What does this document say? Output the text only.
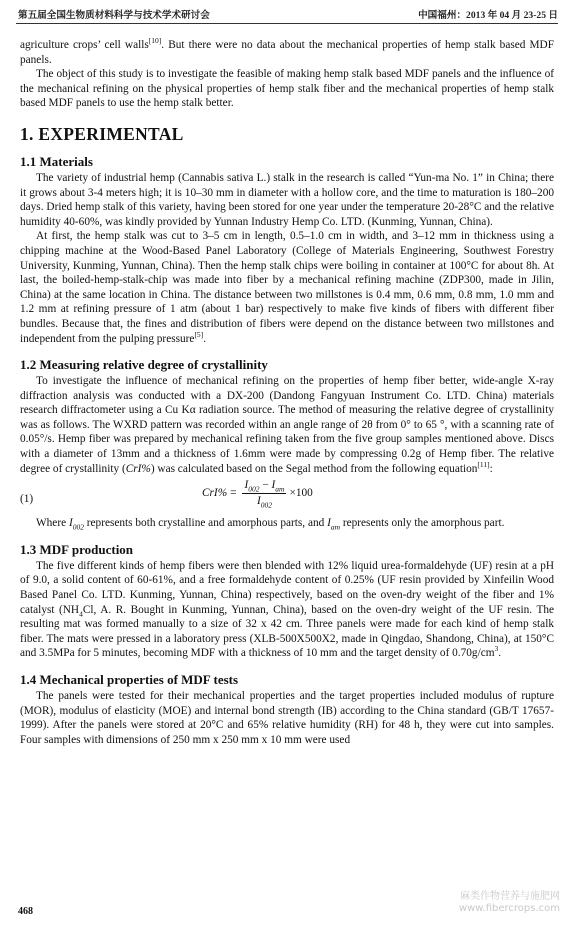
第五届全国生物质材料科学与技术学术研讨会	中国福州：2013 年 04 月 23-25 日

agriculture crops’ cell walls[10]. But there were no data about the mechanical properties of hemp stalk based MDF panels.

The object of this study is to investigate the feasible of making hemp stalk based MDF panels and the influence of the mechanical refining on the physical properties of hemp stalk fiber and the mechanical properties of hemp stalk based MDF panels to use the hemp stalk better.

1. EXPERIMENTAL
1.1 Materials

The variety of industrial hemp (Cannabis sativa L.) stalk in the research is called “Yun-ma No. 1” in China; there it grows about 3-4 meters high; it is 10–30 mm in diameter with a hollow core, and the time to maturation is 180–200 days. Dried hemp stalk of this variety, having been stored for one year under the temperature 20-28°C and the relative humidity 40-60%, was kindly provided by Yunnan Industry Hemp Co. LTD. (Kunming, Yunnan, China).

At first, the hemp stalk was cut to 3–5 cm in length, 0.5–1.0 cm in width, and 3–12 mm in thickness using a chipping machine at the Wood-Based Panel Laboratory (College of Materials Engineering, Southwest Forestry University, Kunming, Yunnan, China). Then the hemp stalk chips were boiling in container at 100°C for about 8h. At last, the boiled-hemp-stalk-chip was made into fiber by a mechanical refining machine (ZDP300, made in Jilin, China) at the same location in China. The distance between two millstones is 0.4 mm, 0.6 mm, 0.8 mm, 1.0 mm and 1.2 mm at refining pressure of 1 atm (about 1 bar) respectively to make five kinds of fibers with different fiber bundles. Because that, the fines and distribution of fibers were depend on the distance between two millstones and independent from the pulping pressure[5].

1.2 Measuring relative degree of crystallinity

To investigate the influence of mechanical refining on the properties of hemp fiber better, wide-angle X-ray diffraction analysis was conducted with a DX-200 (Dandong Fangyuan Instrument Co. LTD. China) materials research diffractometer using a Cu Kα radiation source. The method of measuring the relative degree of crystallinity was as follows. The WXRD pattern was recorded within an angle range of 2θ from 0° to 65 °, with a scanning rate of 0.05°/s. Hemp fiber was prepared by mechanical refining taken from the five group samples mentioned above. Discs with a diameter of 13mm and a thickness of 1.6mm were made by compressing 0.2g of Hemp fiber. The relative degree of crystallinity (CrI%) was calculated based on the Segal method from the following equation[11]:

(1)	$CrI\% = \frac{I_{002} - I_{am}}{I_{002}} \times 100$

Where $I_{002}$ represents both crystalline and amorphous parts, and $I_{am}$ represents only the amorphous part.

1.3 MDF production

The five different kinds of hemp fibers were then blended with 12% liquid urea-formaldehyde (UF) resin at a pH of 9.0, a solid content of 60-61%, and a free formaldehyde content of 0.25% (UF resin provided by Xinfeilin Wood Based Panel Co. LTD. Kunming, Yunnan, China) respectively, based on the oven-dry weight of the fiber and 1% catalyst ($NH_4Cl$, A. R. Bought in Kunming, Yunnan, China), based on the oven-dry weight of the UF resin. The resulting mat was formed manually to a size of 32 x 42 cm. Three panels were made for each kind of hemp stalk fiber. The mats were pressed in a laboratory press (XLB-500X500X2, made in Qingdao, Shandong, China), at 150°C and 3.5MPa for 5 minutes, becoming MDF with a thickness of 10 mm and the target density of $0.70g/cm^3$.

1.4 Mechanical properties of MDF tests

The panels were tested for their mechanical properties and the target properties included modulus of rupture (MOR), modulus of elasticity (MOE) and internal bond strength (IB) according to the China standard (GB/T 17657-1999). After the panels were stored at 20°C and 65% relative humidity (RH) for 48 h, they were cut into samples. Four samples with dimensions of 250 mm x 250 mm x 10 mm were used

468
麻类作物营养与施肥网
www.fibercrops.com
